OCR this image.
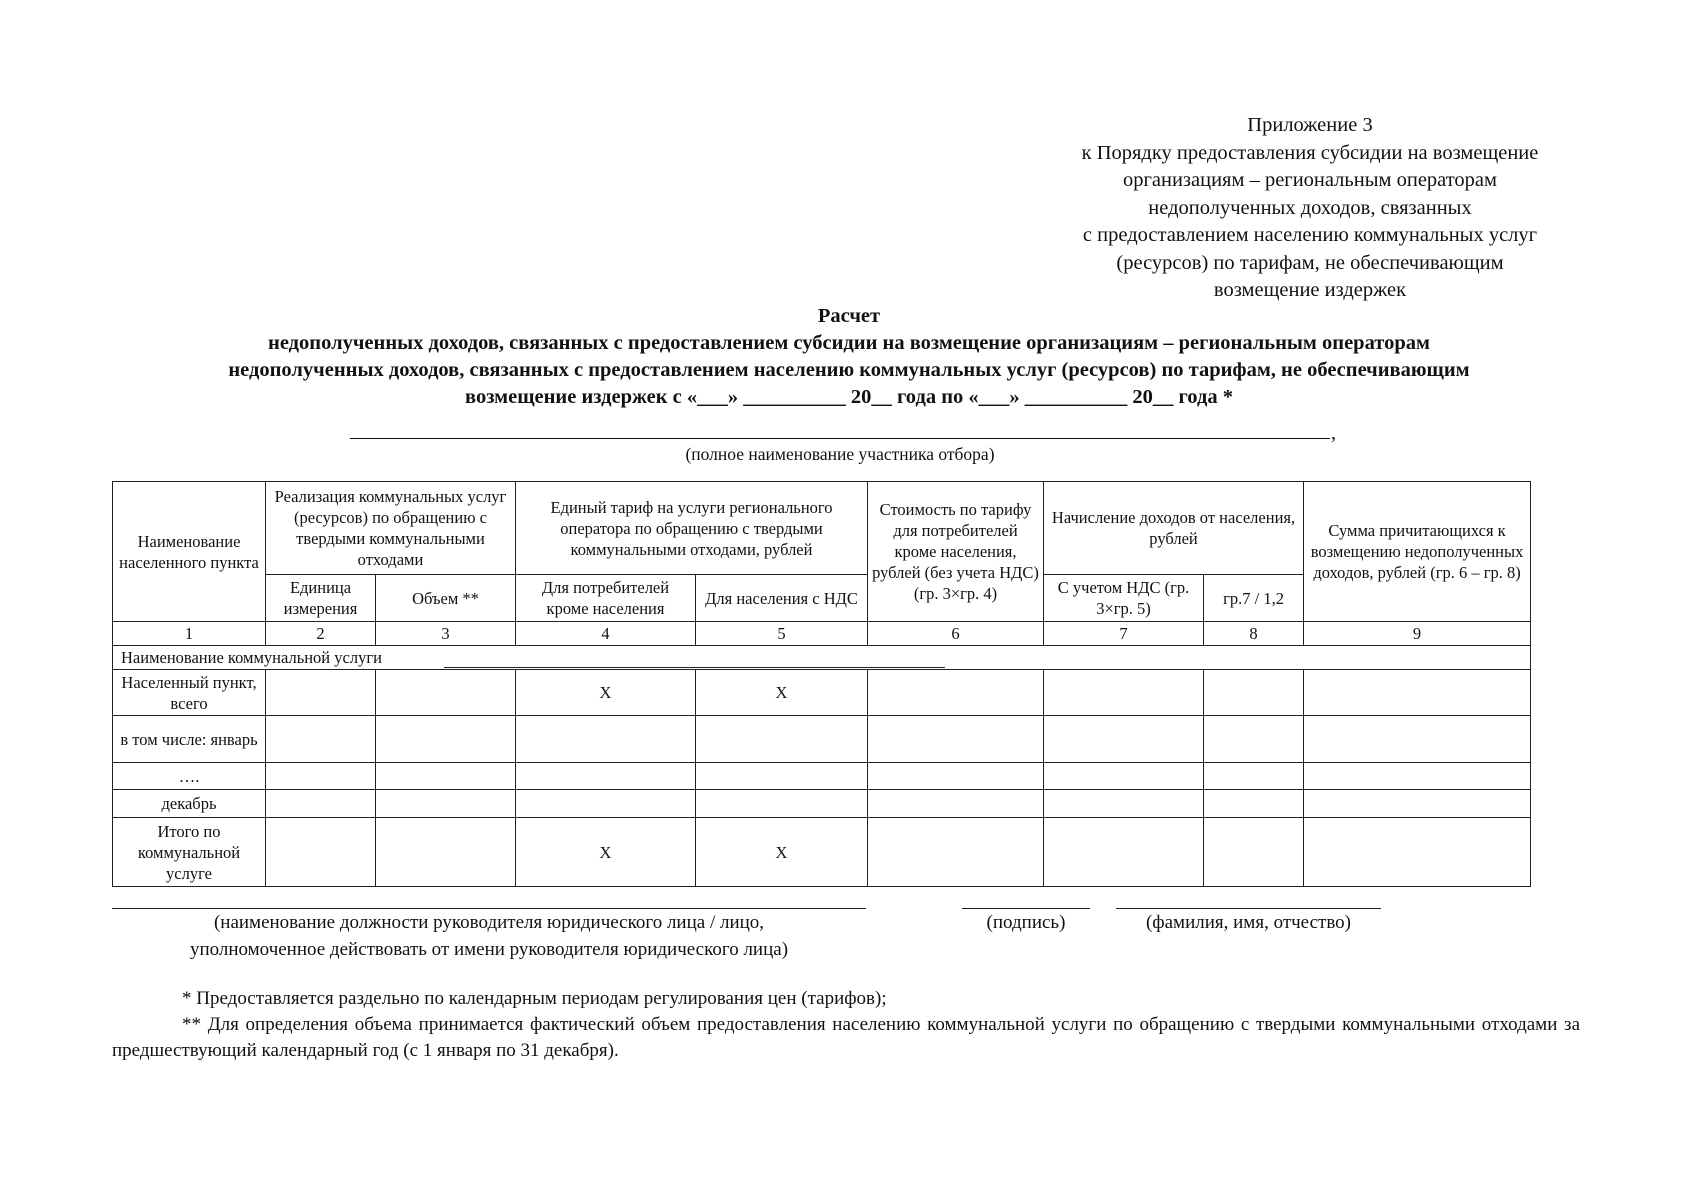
Приложение 3
к Порядку предоставления субсидии на возмещение
организациям – региональным операторам
недополученных доходов, связанных
с предоставлением населению коммунальных услуг
(ресурсов) по тарифам, не обеспечивающим
возмещение издержек
Расчет
недополученных доходов, связанных с предоставлением субсидии на возмещение организациям – региональным операторам
недополученных доходов, связанных с предоставлением населению коммунальных услуг (ресурсов) по тарифам, не обеспечивающим
возмещение издержек с «___» __________ 20__ года по «___» __________ 20__ года *
,
(полное наименование участника отбора)
Наименование населенного пункта	Реализация коммунальных услуг (ресурсов) по обращению с твердыми коммунальными отходами		Единый тариф на услуги регионального оператора по обращению с твердыми коммунальными отходами, рублей		Стоимость по тарифу для потребителей кроме населения, рублей (без учета НДС) (гр. 3×гр. 4)	Начисление доходов от населения, рублей		Сумма причитающихся к возмещению недополученных доходов, рублей (гр. 6 – гр. 8)
	Единица измерения	Объем **	Для потребителей кроме населения	Для населения с НДС		С учетом НДС (гр. 3×гр. 5)	гр.7 / 1,2	
1	2	3	4	5	6	7	8	9
Наименование коммунальной услуги								

Населенный пункт, всего			X	X				
в том числе: январь								
….								
декабрь								
Итого по коммунальной услуге			X	X				
(наименование должности руководителя юридического лица / лицо,
уполномоченное действовать от имени руководителя юридического лица)
(подпись)	(фамилия, имя, отчество)

* Предоставляется раздельно по календарным периодам регулирования цен (тарифов);

** Для определения объема принимается фактический объем предоставления населению коммунальной услуги по обращению с твердыми коммунальными отходами за предшествующий календарный год (с 1 января по 31 декабря).
